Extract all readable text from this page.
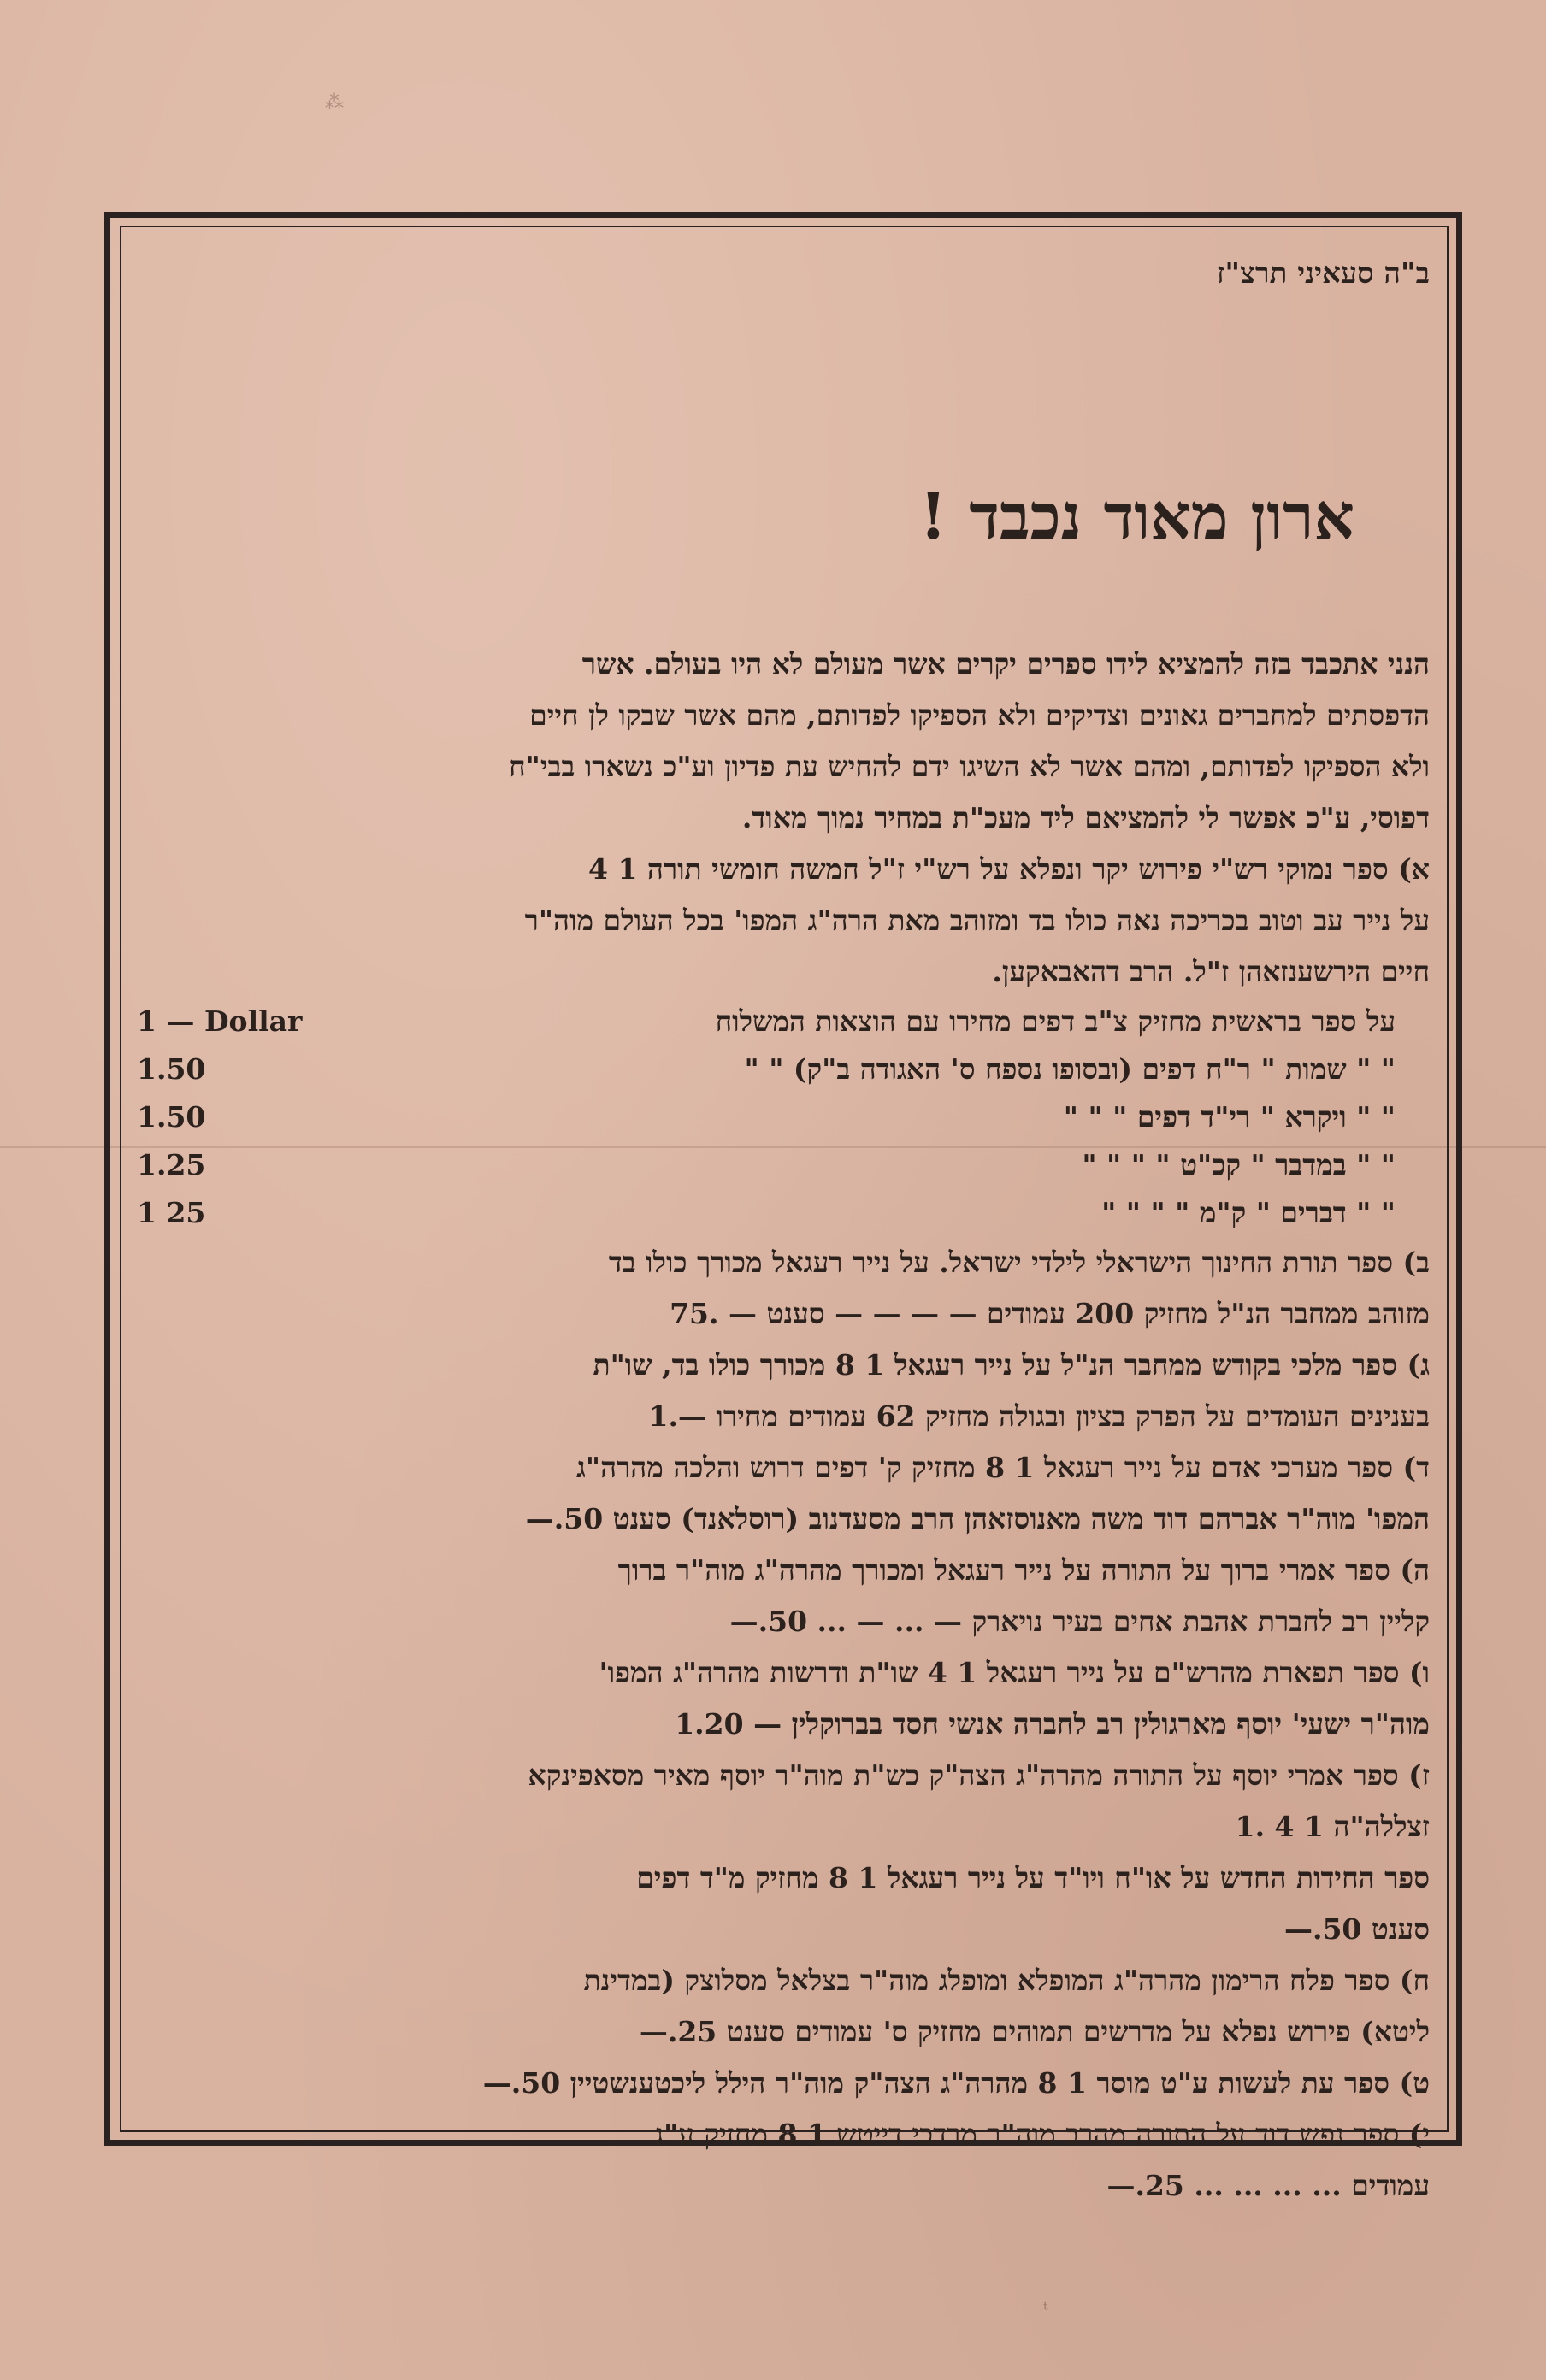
⁂
ᵗ
ב"ה סעאיני תרצ"ז
ארון מאוד נכבד !

הנני אתכבד בזה להמציא לידו ספרים יקרים אשר מעולם לא היו בעולם. אשר

הדפסתים למחברים גאונים וצדיקים ולא הספיקו לפדותם, מהם אשר שבקו לן חיים

ולא הספיקו לפדותם, ומהם אשר לא השיגו ידם להחיש עת פדיון וע"כ נשארו בבי"ח

דפוסי, ע"כ אפשר לי להמציאם ליד מעכ"ת במחיר נמוך מאוד.

א) ספר נמוקי רש"י פירוש יקר ונפלא על רש"י ז"ל חמשה חומשי תורה 1 4

על נייר עב וטוב בכריכה נאה כולו בד ומזוהב מאת הרה"ג המפו' בכל העולם מוה"ר

חיים הירשענזאהן ז"ל. הרב דהאבאקען.

על ספר בראשית מחזיק צ"ב דפים מחירו עם הוצאות המשלוח
1 — Dollar
" " שמות " ר"ח דפים (ובסופו נספח ס' האגודה ב"ק) " "
1.50
" " ויקרא " רי"ד דפים " " "
1.50
" " במדבר " קכ"ט " " " "
1.25
" " דברים " ק"מ " " " "
1 25

ב) ספר תורת החינוך הישראלי לילדי ישראל. על נייר רעגאל מכורך כולו בד

מזוהב ממחבר הנ"ל מחזיק 200 עמודים — — — — סענט — .75

ג) ספר מלכי בקודש ממחבר הנ"ל על נייר רעגאל 1 8 מכורך כולו בד, שו"ת

בענינים העומדים על הפרק בציון ובגולה מחזיק 62 עמודים מחירו —.1

ד) ספר מערכי אדם על נייר רעגאל 1 8 מחזיק ק' דפים דרוש והלכה מהרה"ג

המפו' מוה"ר אברהם דוד משה מאנוסזאהן הרב מסעדנוב (רוסלאנד) סענט 50.—

ה) ספר אמרי ברוך על התורה על נייר רעגאל ומכורך מהרה"ג מוה"ר ברוך

קליין רב לחברת אהבת אחים בעיר נויארק — ... — ... 50.—

ו) ספר תפארת מהרש"ם על נייר רעגאל 1 4 שו"ת ודרשות מהרה"ג המפו'

מוה"ר ישעי' יוסף מארגולין רב לחברה אנשי חסד בברוקלין — 1.20

ז) ספר אמרי יוסף על התורה מהרה"ג הצה"ק כש"ת מוה"ר יוסף מאיר מסאפינקא

זצללה"ה 1 4 .1

ספר החידות החדש על או"ח ויו"ד על נייר רעגאל 1 8 מחזיק מ"ד דפים

סענט 50.—

ח) ספר פלח הרימון מהרה"ג המופלא ומופלג מוה"ר בצלאל מסלוצק (במדינת

ליטא) פירוש נפלא על מדרשים תמוהים מחזיק ס' עמודים סענט 25.—

ט) ספר עת לעשות ע"ט מוסר 1 8 מהרה"ג הצה"ק מוה"ר הילל ליכטענשטיין 50.—

י) ספר נפש דוד על התורה מהרב מוה"ר מרדכי דייטש 1 8 מחזיק ע"ג

עמודים ... ... ... ... 25.—
